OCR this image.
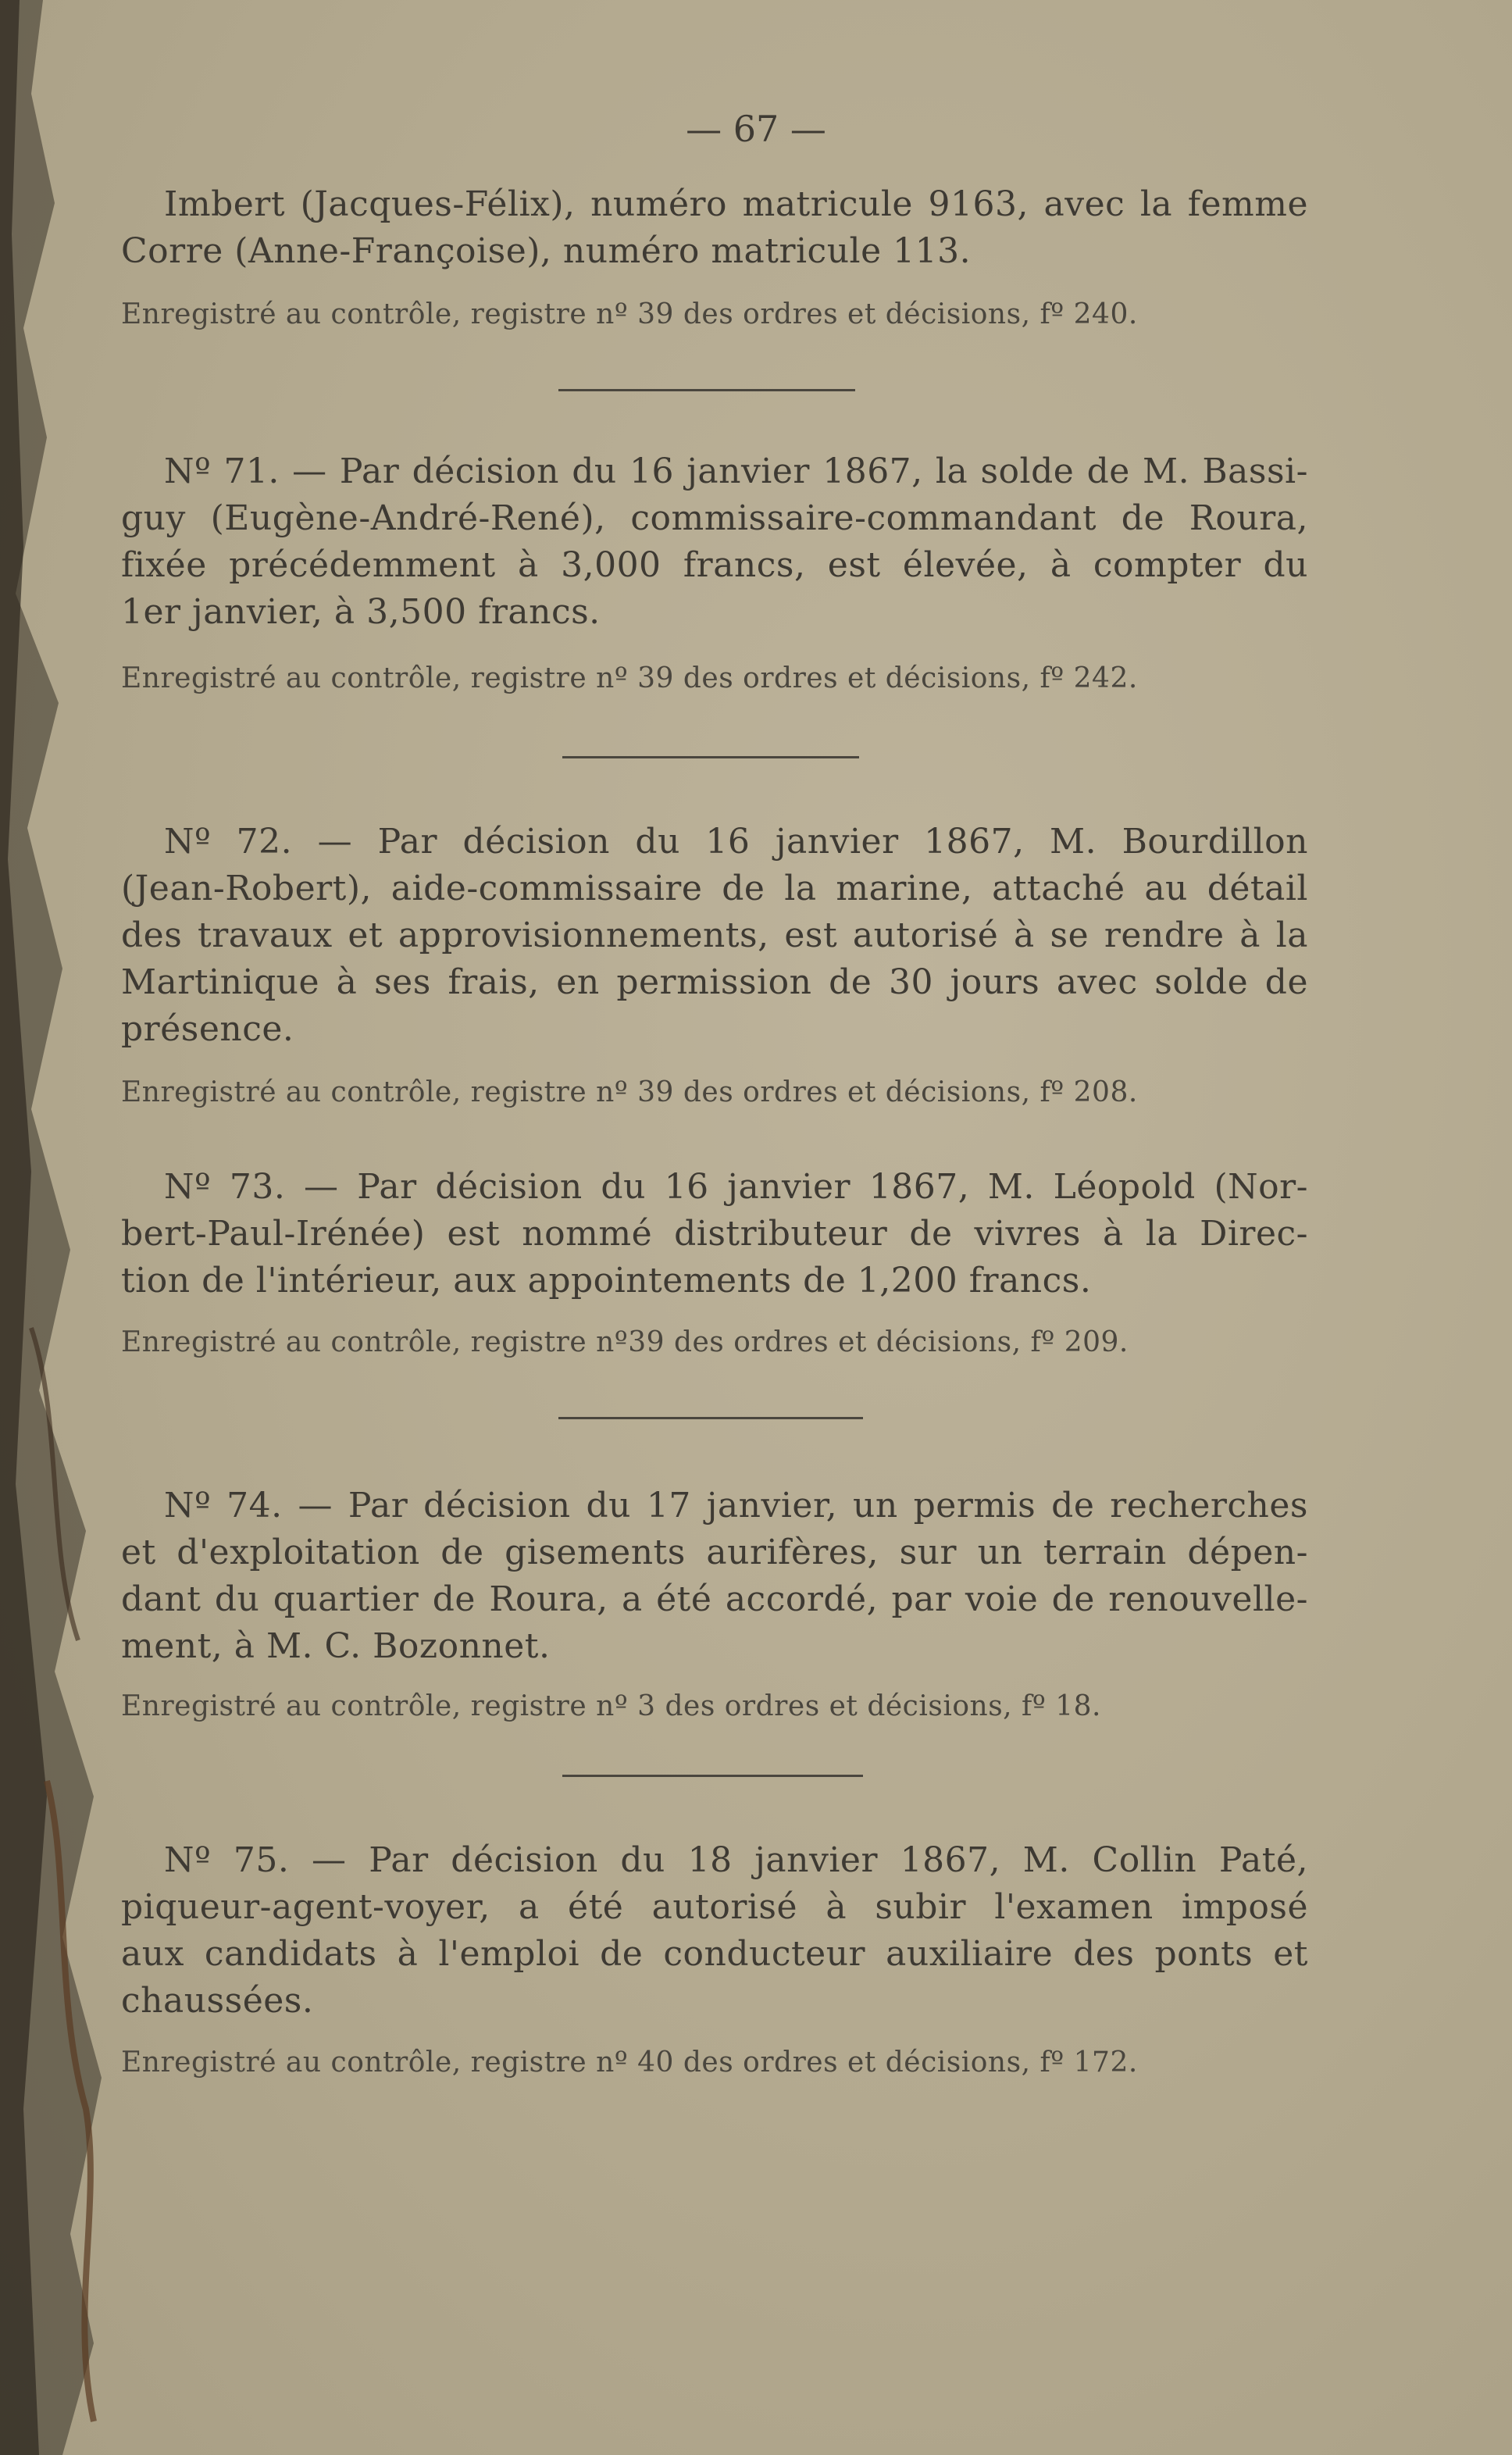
— 67 —
Imbert (Jacques-Félix), numéro matricule 9163, avec la femme
Corre (Anne-Françoise), numéro matricule 113.
Enregistré au contrôle, registre nº 39 des ordres et décisions, fº 240.
Nº 71. — Par décision du 16 janvier 1867, la solde de M. Bassi-
guy (Eugène-André-René), commissaire-commandant de Roura,
fixée précédemment à 3,000 francs, est élevée, à compter du
1er janvier, à 3,500 francs.
Enregistré au contrôle, registre nº 39 des ordres et décisions, fº 242.
Nº 72. — Par décision du 16 janvier 1867, M. Bourdillon
(Jean-Robert), aide-commissaire de la marine, attaché au détail
des travaux et approvisionnements, est autorisé à se rendre à la
Martinique à ses frais, en permission de 30 jours avec solde de
présence.
Enregistré au contrôle, registre nº 39 des ordres et décisions, fº 208.
Nº 73. — Par décision du 16 janvier 1867, M. Léopold (Nor-
bert-Paul-Irénée) est nommé distributeur de vivres à la Direc-
tion de l'intérieur, aux appointements de 1,200 francs.
Enregistré au contrôle, registre nº39 des ordres et décisions, fº 209.
Nº 74. — Par décision du 17 janvier, un permis de recherches
et d'exploitation de gisements aurifères, sur un terrain dépen-
dant du quartier de Roura, a été accordé, par voie de renouvelle-
ment, à M. C. Bozonnet.
Enregistré au contrôle, registre nº 3 des ordres et décisions, fº 18.
Nº 75. — Par décision du 18 janvier 1867, M. Collin Paté,
piqueur-agent-voyer, a été autorisé à subir l'examen imposé
aux candidats à l'emploi de conducteur auxiliaire des ponts et
chaussées.
Enregistré au contrôle, registre nº 40 des ordres et décisions, fº 172.
